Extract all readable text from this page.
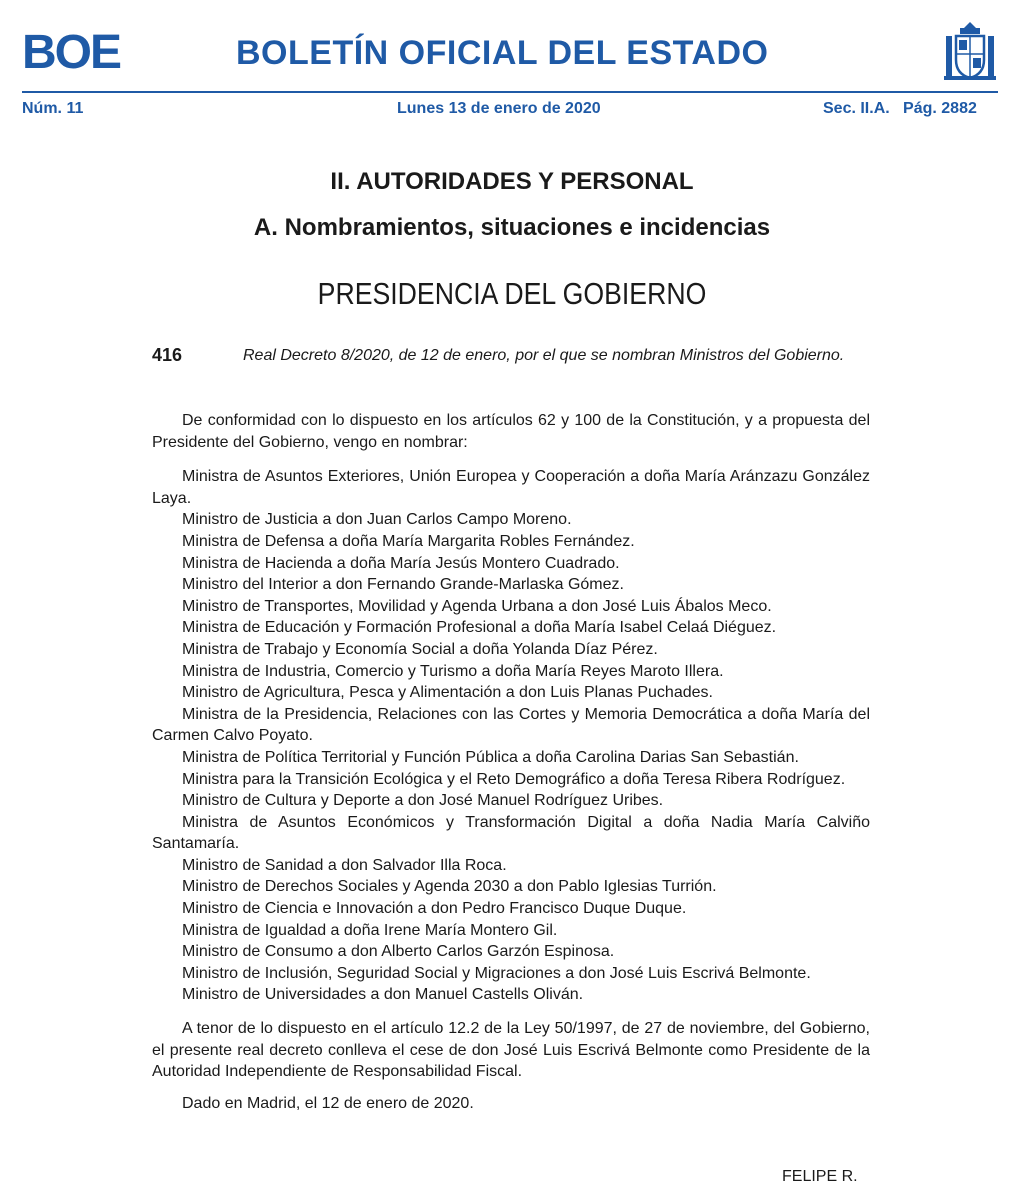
BOE	BOLETÍN OFICIAL DEL ESTADO
Núm. 11	Lunes 13 de enero de 2020	Sec. II.A.   Pág. 2882
II. AUTORIDADES Y PERSONAL
A. Nombramientos, situaciones e incidencias
PRESIDENCIA DEL GOBIERNO
416	Real Decreto 8/2020, de 12 de enero, por el que se nombran Ministros del Gobierno.

De conformidad con lo dispuesto en los artículos 62 y 100 de la Constitución, y a propuesta del Presidente del Gobierno, vengo en nombrar:

Ministra de Asuntos Exteriores, Unión Europea y Cooperación a doña María Aránzazu González Laya.
Ministro de Justicia a don Juan Carlos Campo Moreno.
Ministra de Defensa a doña María Margarita Robles Fernández.
Ministra de Hacienda a doña María Jesús Montero Cuadrado.
Ministro del Interior a don Fernando Grande-Marlaska Gómez.
Ministro de Transportes, Movilidad y Agenda Urbana a don José Luis Ábalos Meco.
Ministra de Educación y Formación Profesional a doña María Isabel Celaá Diéguez.
Ministra de Trabajo y Economía Social a doña Yolanda Díaz Pérez.
Ministra de Industria, Comercio y Turismo a doña María Reyes Maroto Illera.
Ministro de Agricultura, Pesca y Alimentación a don Luis Planas Puchades.
Ministra de la Presidencia, Relaciones con las Cortes y Memoria Democrática a doña María del Carmen Calvo Poyato.
Ministra de Política Territorial y Función Pública a doña Carolina Darias San Sebastián.
Ministra para la Transición Ecológica y el Reto Demográfico a doña Teresa Ribera Rodríguez.
Ministro de Cultura y Deporte a don José Manuel Rodríguez Uribes.
Ministra de Asuntos Económicos y Transformación Digital a doña Nadia María Calviño Santamaría.
Ministro de Sanidad a don Salvador Illa Roca.
Ministro de Derechos Sociales y Agenda 2030 a don Pablo Iglesias Turrión.
Ministro de Ciencia e Innovación a don Pedro Francisco Duque Duque.
Ministra de Igualdad a doña Irene María Montero Gil.
Ministro de Consumo a don Alberto Carlos Garzón Espinosa.
Ministro de Inclusión, Seguridad Social y Migraciones a don José Luis Escrivá Belmonte.
Ministro de Universidades a don Manuel Castells Oliván.

A tenor de lo dispuesto en el artículo 12.2 de la Ley 50/1997, de 27 de noviembre, del Gobierno, el presente real decreto conlleva el cese de don José Luis Escrivá Belmonte como Presidente de la Autoridad Independiente de Responsabilidad Fiscal.

Dado en Madrid, el 12 de enero de 2020.

FELIPE R.
